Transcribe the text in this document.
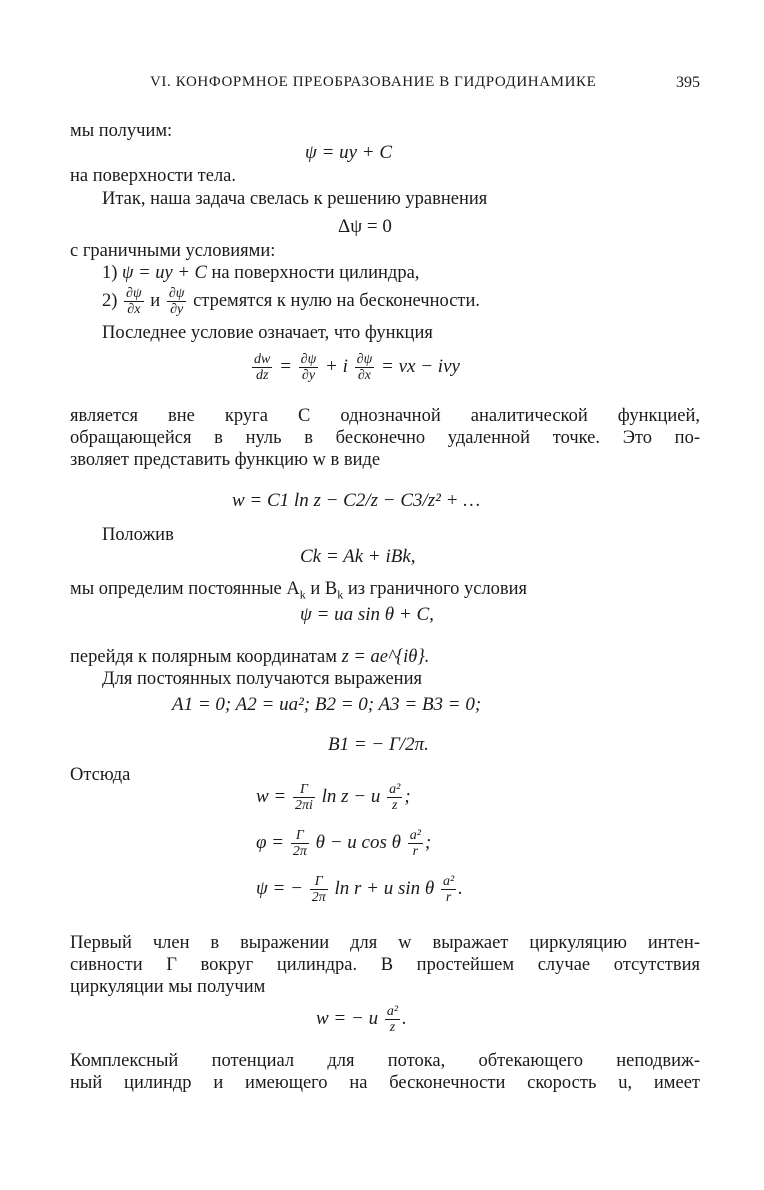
VI. КОНФОРМНОЕ ПРЕОБРАЗОВАНИЕ В ГИДРОДИНАМИКЕ	395
мы получим:
ψ = uy + C
на поверхности тела.
Итак, наша задача свелась к решению уравнения
Δψ = 0
с граничными условиями:
1) ψ = uy + C на поверхности цилиндра,
$2) \frac{\partial\psi}{\partial x}$ и $\frac{\partial\psi}{\partial y}$ стремятся к нулю на бесконечности.
Последнее условие означает, что функция
$\frac{dw}{dz} = \frac{\partial\psi}{\partial y} + i \frac{\partial\psi}{\partial x}$ = vx − ivy
является вне круга C однозначной аналитической функцией,
обращающейся в нуль в бесконечно удаленной точке. Это по-
зволяет представить функцию w в виде
w = C1 ln z − C2/z − C3/z² + …
Положив
Ck = Ak + iBk,
мы определим постоянные $A_k$ и $B_k$ из граничного условия
ψ = ua sin θ + C,
перейдя к полярным координатам z = ae^{iθ}.
Для постоянных получаются выражения
A1 = 0; A2 = ua²; B2 = 0; A3 = B3 = 0;
B1 = − Γ/2π.
Отсюда
$w = \frac{\Gamma}{2\pi i}$ ln z − u $\frac{\text{a²}}{z}$ ;
$\varphi = \frac{\Gamma}{2\pi}$ θ − u cos θ $\frac{\text{a²}}{r}$ ;
ψ = − $\frac{\Gamma}{2\pi}$ ln r + u sin θ $\frac{\text{a²}}{r}$ .
Первый член в выражении для w выражает циркуляцию интен-
сивности Γ вокруг цилиндра. В простейшем случае отсутствия
циркуляции мы получим
w = − u $\frac{\text{a²}}{z}$ .
Комплексный потенциал для потока, обтекающего неподвиж-
ный цилиндр и имеющего на бесконечности скорость u, имеет
